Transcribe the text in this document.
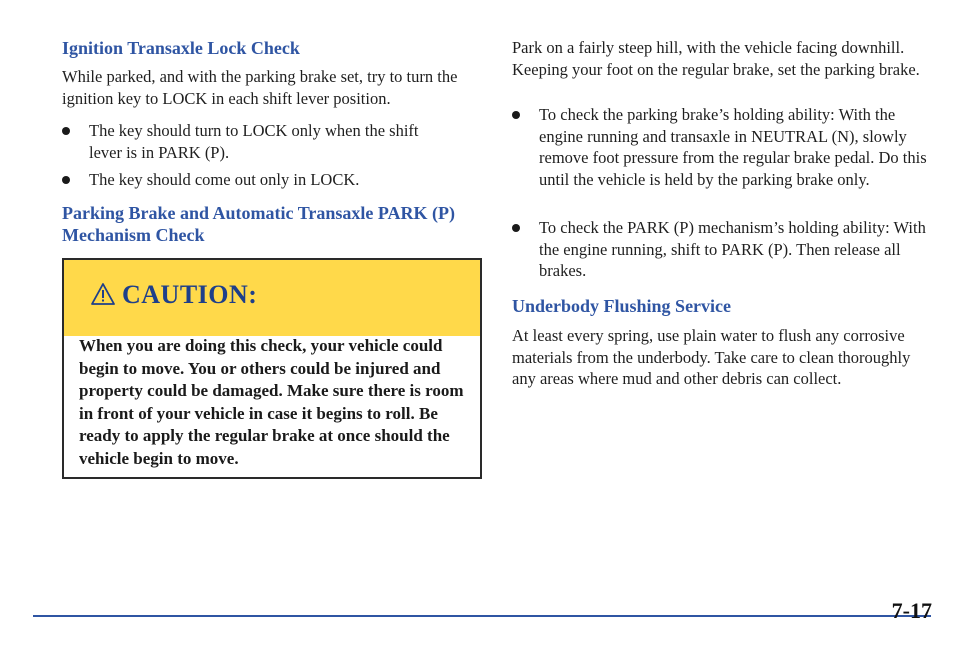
Ignition Transaxle Lock Check

While parked, and with the parking brake set, try to turn the ignition key to LOCK in each shift lever position.

The key should turn to LOCK only when the shift lever is in PARK (P).
The key should come out only in LOCK.
Parking Brake and Automatic Transaxle PARK (P) Mechanism Check
CAUTION:
When you are doing this check, your vehicle could begin to move. You or others could be injured and property could be damaged. Make sure there is room in front of your vehicle in case it begins to roll. Be ready to apply the regular brake at once should the vehicle begin to move.

Park on a fairly steep hill, with the vehicle facing downhill. Keeping your foot on the regular brake, set the parking brake.

To check the parking brake’s holding ability: With the engine running and transaxle in NEUTRAL (N), slowly remove foot pressure from the regular brake pedal. Do this until the vehicle is held by the parking brake only.
To check the PARK (P) mechanism’s holding ability: With the engine running, shift to PARK (P). Then release all brakes.
Underbody Flushing Service

At least every spring, use plain water to flush any corrosive materials from the underbody. Take care to clean thoroughly any areas where mud and other debris can collect.

7-17
